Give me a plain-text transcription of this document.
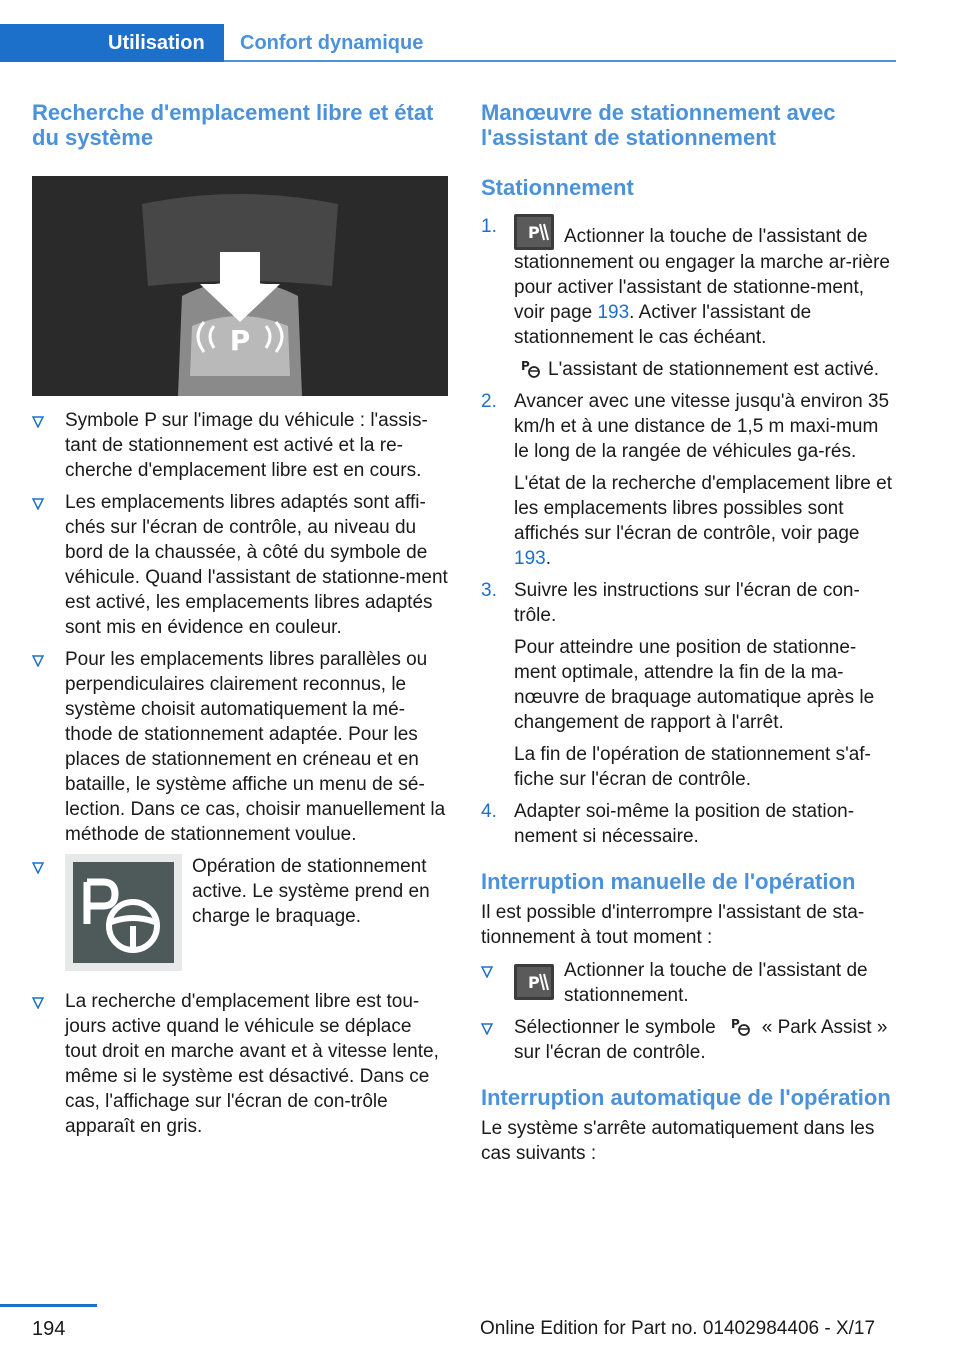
Utilisation	Confort dynamique
Recherche d'emplacement libre et état du système
P
Symbole P sur l'image du véhicule : l'assis-tant de stationnement est activé et la re-cherche d'emplacement libre est en cours.
Les emplacements libres adaptés sont affi-chés sur l'écran de contrôle, au niveau du bord de la chaussée, à côté du symbole de véhicule. Quand l'assistant de stationne-ment est activé, les emplacements libres adaptés sont mis en évidence en couleur.
Pour les emplacements libres parallèles ou perpendiculaires clairement reconnus, le système choisit automatiquement la mé-thode de stationnement adaptée. Pour les places de stationnement en créneau et en bataille, le système affiche un menu de sé-lection. Dans ce cas, choisir manuellement la méthode de stationnement voulue.
Opération de stationnement active. Le système prend en charge le braquage.
La recherche d'emplacement libre est tou-jours active quand le véhicule se déplace tout droit en marche avant et à vitesse lente, même si le système est désactivé. Dans ce cas, l'affichage sur l'écran de con-trôle apparaît en gris.
Manœuvre de stationnement avec l'assistant de stationnement
Stationnement
1. P Actionner la touche de l'assistant de stationnement ou engager la marche ar-rière pour activer l'assistant de stationne-ment, voir page 193. Activer l'assistant de stationnement le cas échéant.

P L'assistant de stationnement est activé.

2. Avancer avec une vitesse jusqu'à environ 35 km/h et à une distance de 1,5 m maxi-mum le long de la rangée de véhicules ga-rés.

L'état de la recherche d'emplacement libre et les emplacements libres possibles sont affichés sur l'écran de contrôle, voir page 193.

3. Suivre les instructions sur l'écran de con-trôle.

Pour atteindre une position de stationne-ment optimale, attendre la fin de la ma-nœuvre de braquage automatique après le changement de rapport à l'arrêt.

La fin de l'opération de stationnement s'af-fiche sur l'écran de contrôle.

4. Adapter soi-même la position de station-nement si nécessaire.

Interruption manuelle de l'opération

Il est possible d'interrompre l'assistant de sta-tionnement à tout moment :

P
Actionner la touche de l'assistant de stationnement.
Sélectionner le symbole P « Park Assist » sur l'écran de contrôle.
Interruption automatique de l'opération

Le système s'arrête automatiquement dans les cas suivants :

194	Online Edition for Part no. 01402984406 - X/17
